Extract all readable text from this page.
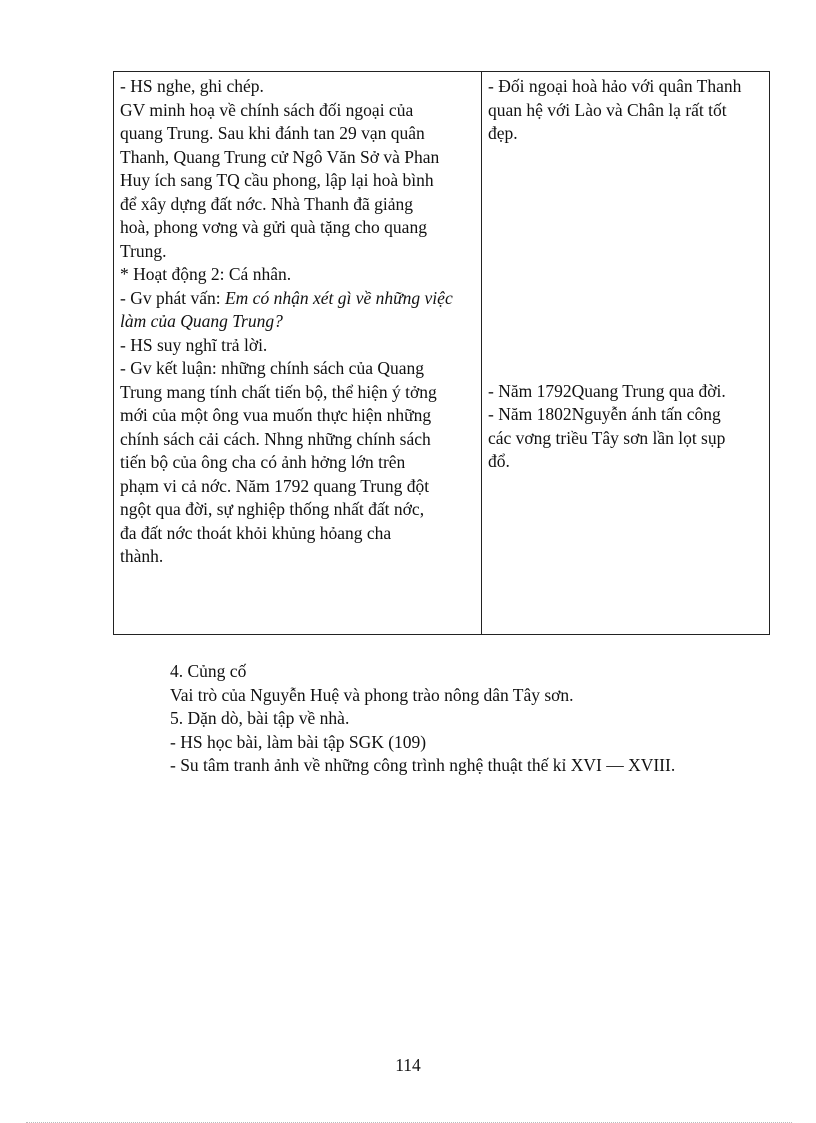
- HS nghe, ghi chép.
GV minh hoạ về chính sách đối ngoại của
quang Trung. Sau khi đánh tan 29 vạn quân
Thanh, Quang Trung cử Ngô Văn Sở và Phan
Huy ích sang TQ cầu phong, lập lại hoà bình
để xây dựng đất nớc. Nhà Thanh đã giảng
hoà, phong vơng và gửi quà tặng cho quang
Trung.
* Hoạt động 2: Cá nhân.
- Gv phát vấn: Em có nhận xét gì về những việc
làm của Quang Trung?
- HS suy nghĩ trả lời.
- Gv kết luận: những chính sách của Quang
Trung mang tính chất tiến bộ, thể hiện ý tởng
mới của một ông vua muốn thực hiện những
chính sách cải cách. Nhng những chính sách
tiến bộ của ông cha có ảnh hởng lớn trên
phạm vi cả nớc. Năm 1792 quang Trung đột
ngột qua đời, sự nghiệp thống nhất đất nớc,
đa đất nớc thoát khỏi khủng hỏang cha
thành.

- Đối ngoại hoà hảo với quân Thanh
quan hệ với Lào và Chân lạ rất tốt
đẹp.
- Năm 1792Quang Trung qua đời.
- Năm 1802Nguyễn ánh tấn công
các vơng triều Tây sơn lần lọt sụp
đổ.
4. Củng cố
Vai trò của Nguyễn Huệ và phong trào nông dân Tây sơn.
5. Dặn dò, bài tập về nhà.
- HS học bài, làm bài tập SGK (109)
- Su tâm tranh ảnh về những công trình nghệ thuật thế kỉ XVI — XVIII.
114
